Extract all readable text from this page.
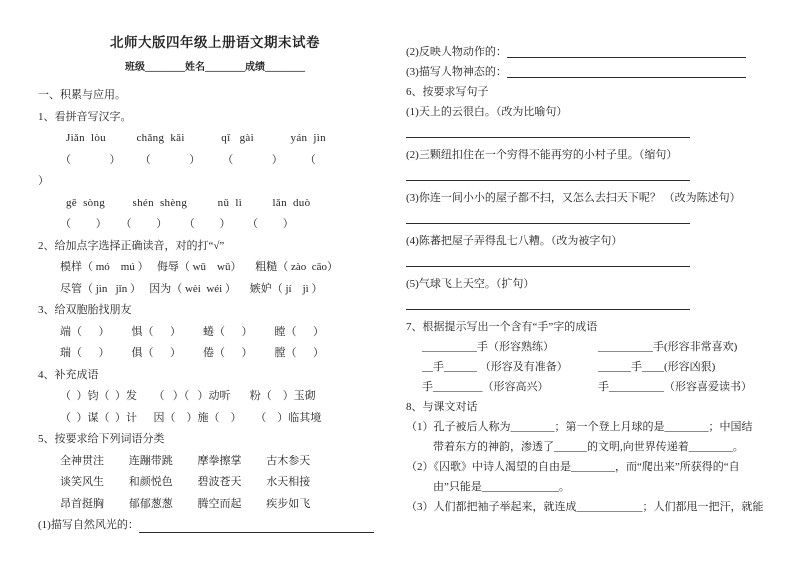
北师大版四年级上册语文期末试卷
班级________姓名________成绩________
一、积累与应用。
1、看拼音写汉字。
Jiǎn  lòu          chǎng  kāi            qǐ   gài            yán  jìn
（              ）       （              ）        （              ）        （
）
gē  sòng         shén  shèng          nǔ  lì          lǎn  duò
（         ）     （         ）      （         ）      （         ）
2、给加点字选择正确读音，对的打“√”
模样（ mó    mú ）   侮辱（ wū    wǔ）     粗糙（ zào  cāo）
尽管（ jìn   jǐn ）   因为（ wèi  wéi ）     嫉妒（ jí    jì ）
3、给双胞胎找朋友
端（      ）        惧（      ）        蜷（      ）        瞠（      ）
瑞（      ）        俱（      ）        倦（      ）        膛（      ）
4、补充成语
（  ）钧（  ）发      （   ）（   ）动听       粉（    ）玉砌
（  ）谋（  ）计      因（    ）施（    ）     （    ）临其境
5、按要求给下列词语分类
全神贯注         连蹦带跳         摩拳擦掌         古木参天
谈笑风生         和颜悦色         碧波苍天         水天相接
昂首挺胸         郁郁葱葱         腾空而起         疾步如飞
(1)描写自然风光的：
(2)反映人物动作的：
(3)描写人物神态的：
6、按要求写句子
(1)天上的云很白。（改为比喻句）
(2)三颗纽扣住在一个穷得不能再穷的小村子里。（缩句）
(3)你连一间小小的屋子都不扫，又怎么去扫天下呢？ （改为陈述句）
(4)陈蕃把屋子弄得乱七八糟。（改为被字句）
(5)气球飞上天空。（扩句）
7、根据提示写出一个含有“手”字的成语
__________手（形容熟练）	__________手(形容非常喜欢)
__手______ （形容及有准备）	______手____(形容凶狠)
手_________（形容高兴）	手__________（形容喜爱读书）
8、与课文对话
（1）孔子被后人称为________；第一个登上月球的是________；中国结
带着东方的神韵，渗透了______的文明,向世界传递着________。
（2）《囚歌》中诗人渴望的自由是________，而“爬出来”所获得的“自
由”只能是______________。
（3）人们都把袖子举起来，就连成____________；人们都甩一把汗，就能
